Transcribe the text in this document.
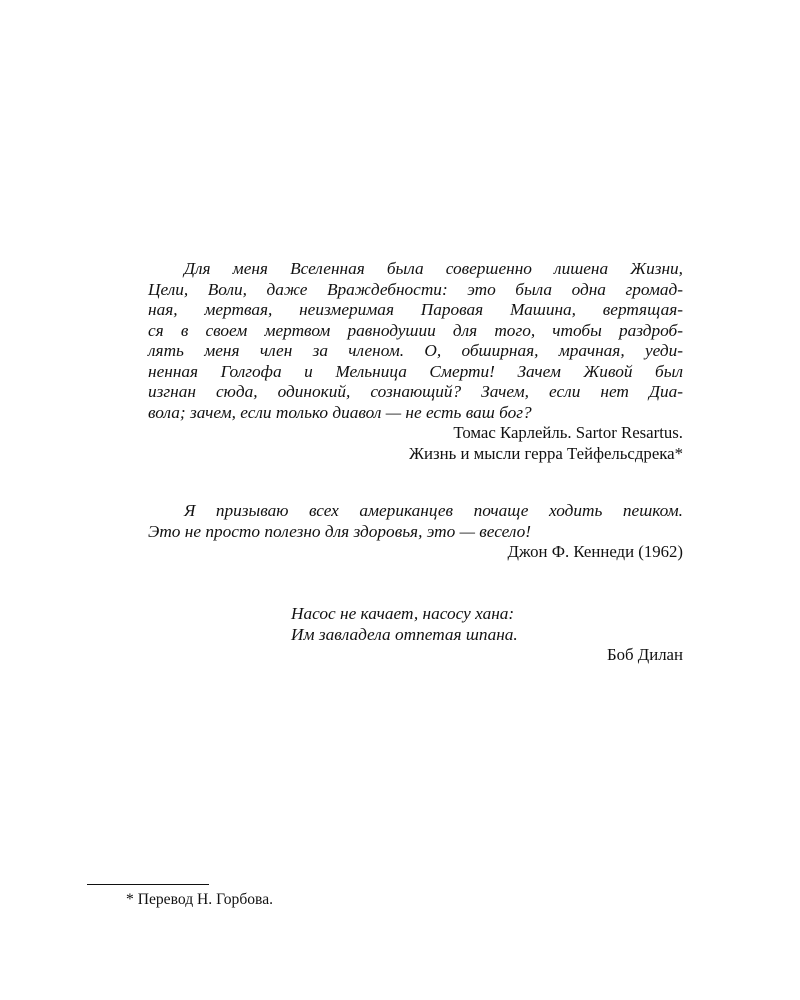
Для меня Вселенная была совершенно лишена Жизни,
Цели, Воли, даже Враждебности: это была одна громад-
ная, мертвая, неизмеримая Паровая Машина, вертящая-
ся в своем мертвом равнодушии для того, чтобы раздроб-
лять меня член за членом. О, обширная, мрачная, уеди-
ненная Голгофа и Мельница Смерти! Зачем Живой был
изгнан сюда, одинокий, сознающий? Зачем, если нет Диа-
вола; зачем, если только диавол — не есть ваш бог?
Томас Карлейль. Sartor Resartus.
Жизнь и мысли герра Тейфельсдрека*
Я призываю всех американцев почаще ходить пешком.
Это не просто полезно для здоровья, это — весело!
Джон Ф. Кеннеди (1962)
Насос не качает, насосу хана:
Им завладела отпетая шпана.
Боб Дилан
* Перевод Н. Горбова.
